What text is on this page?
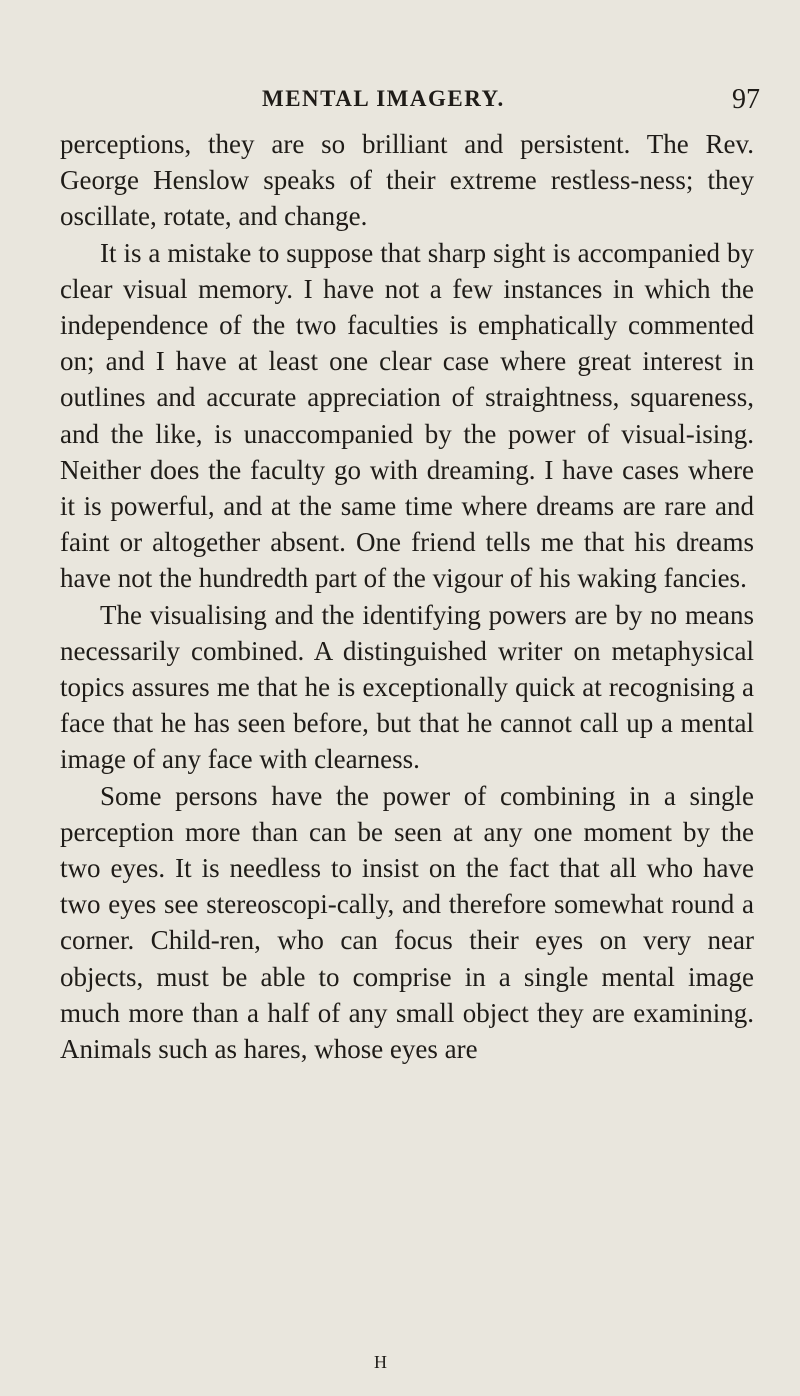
MENTAL IMAGERY.	97

perceptions, they are so brilliant and persistent. The Rev. George Henslow speaks of their extreme restless-ness; they oscillate, rotate, and change.

It is a mistake to suppose that sharp sight is accompanied by clear visual memory. I have not a few instances in which the independence of the two faculties is emphatically commented on; and I have at least one clear case where great interest in outlines and accurate appreciation of straightness, squareness, and the like, is unaccompanied by the power of visual-ising. Neither does the faculty go with dreaming. I have cases where it is powerful, and at the same time where dreams are rare and faint or altogether absent. One friend tells me that his dreams have not the hundredth part of the vigour of his waking fancies.

The visualising and the identifying powers are by no means necessarily combined. A distinguished writer on metaphysical topics assures me that he is exceptionally quick at recognising a face that he has seen before, but that he cannot call up a mental image of any face with clearness.

Some persons have the power of combining in a single perception more than can be seen at any one moment by the two eyes. It is needless to insist on the fact that all who have two eyes see stereoscopi-cally, and therefore somewhat round a corner. Child-ren, who can focus their eyes on very near objects, must be able to comprise in a single mental image much more than a half of any small object they are examining. Animals such as hares, whose eyes are

H
